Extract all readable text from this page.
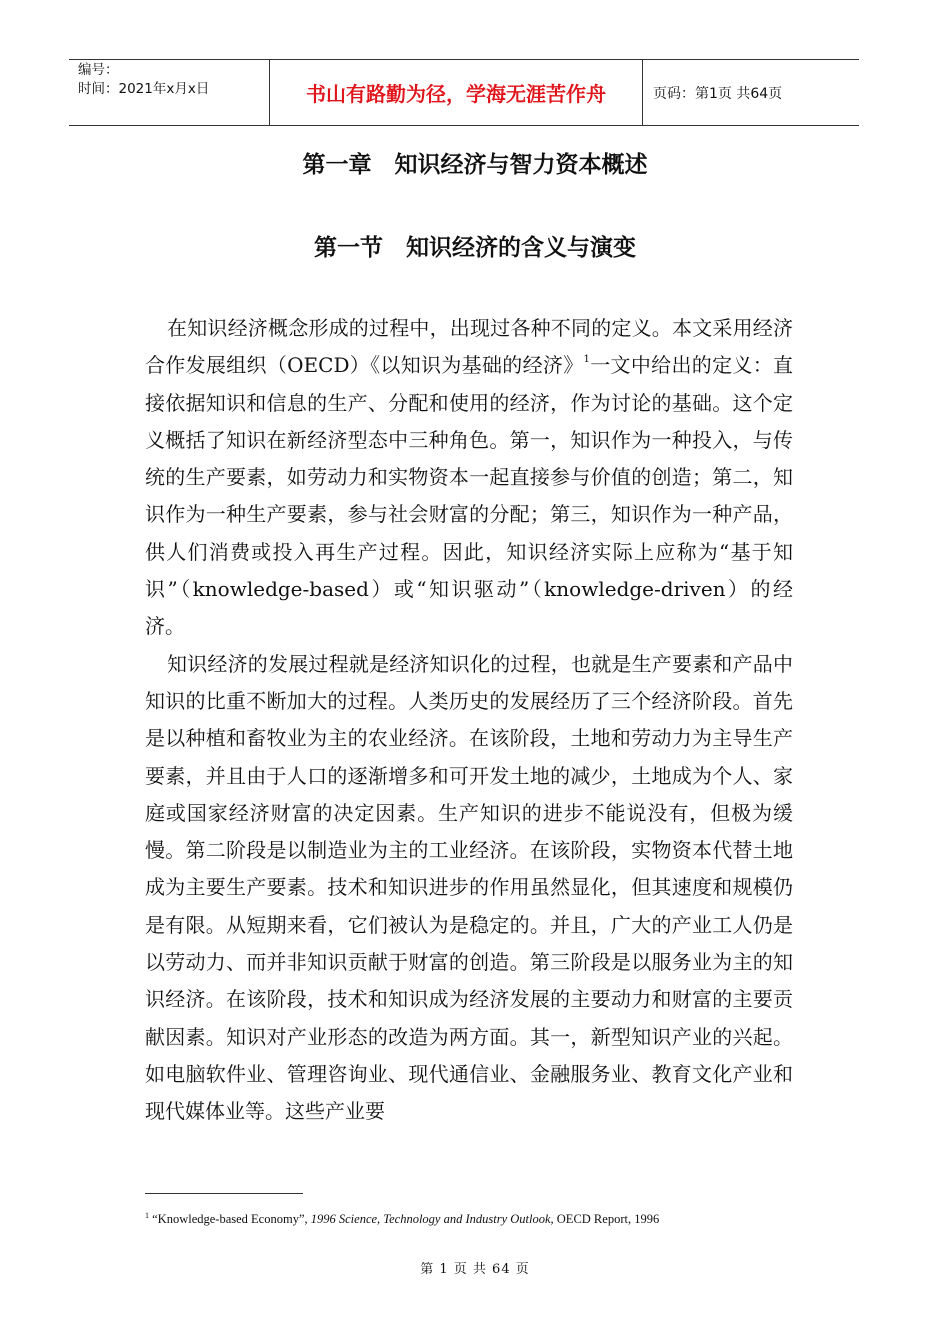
编号：
时间：2021年x月x日	书山有路勤为径，学海无涯苦作舟	页码：第1页 共64页
第一章　知识经济与智力资本概述
第一节　知识经济的含义与演变

在知识经济概念形成的过程中，出现过各种不同的定义。本文采用经济合作发展组织（OECD）《以知识为基础的经济》$^1$一文中给出的定义：直接依据知识和信息的生产、分配和使用的经济，作为讨论的基础。这个定义概括了知识在新经济型态中三种角色。第一，知识作为一种投入，与传统的生产要素，如劳动力和实物资本一起直接参与价值的创造；第二，知识作为一种生产要素，参与社会财富的分配；第三，知识作为一种产品，供人们消费或投入再生产过程。因此，知识经济实际上应称为“基于知识”（knowledge-based）或“知识驱动”（knowledge-driven）的经济。

知识经济的发展过程就是经济知识化的过程，也就是生产要素和产品中知识的比重不断加大的过程。人类历史的发展经历了三个经济阶段。首先是以种植和畜牧业为主的农业经济。在该阶段，土地和劳动力为主导生产要素，并且由于人口的逐渐增多和可开发土地的减少，土地成为个人、家庭或国家经济财富的决定因素。生产知识的进步不能说没有，但极为缓慢。第二阶段是以制造业为主的工业经济。在该阶段，实物资本代替土地成为主要生产要素。技术和知识进步的作用虽然显化，但其速度和规模仍是有限。从短期来看，它们被认为是稳定的。并且，广大的产业工人仍是以劳动力、而并非知识贡献于财富的创造。第三阶段是以服务业为主的知识经济。在该阶段，技术和知识成为经济发展的主要动力和财富的主要贡献因素。知识对产业形态的改造为两方面。其一，新型知识产业的兴起。如电脑软件业、管理咨询业、现代通信业、金融服务业、教育文化产业和现代媒体业等。这些产业要

$^1$ “Knowledge-based Economy”, 1996 Science, Technology and Industry Outlook, OECD Report, 1996
第 1 页 共 64 页
